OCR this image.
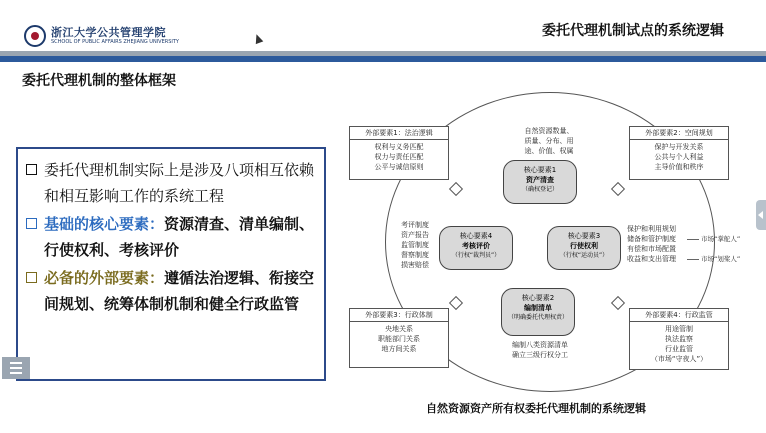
浙江大学公共管理学院
SCHOOL OF PUBLIC AFFAIRS ZHEJIANG UNIVERSITY
委托代理机制试点的系统逻辑
委托代理机制的整体框架
委托代理机制实际上是涉及八项相互依赖和相互影响工作的系统工程
基础的核心要素：资源清查、清单编制、行使权利、考核评价
必备的外部要素：遵循法治逻辑、衔接空间规划、统筹体制机制和健全行政监管
外部要素1：法治逻辑
权利与义务匹配
权力与责任匹配
公平与诚信原则
外部要素2：空间规划
保护与开发关系
公共与个人利益
主导价值和秩序
外部要素3：行政体制
央地关系
职能部门关系
地方间关系
外部要素4：行政监管
用途管制
执法监察
行业监管
（市场“守夜人”）
自然资源数量、
质量、分布、用
途、价值、权属
核心要素1
资产清查
（确权登记）
考评制度
资产报告
监管制度
督察制度
损害赔偿
核心要素4
考核评价
（行权“裁判员”）
核心要素3
行使权利
（行权“运动员”）
保护和利用规划
储备和管护制度
有偿和市场配置
收益和支出管理
市场“掌舵人”
市场“划桨人”
核心要素2
编制清单
（明确委托代理权责）
编制八类资源清单
确立三级行权分工
自然资源资产所有权委托代理机制的系统逻辑
